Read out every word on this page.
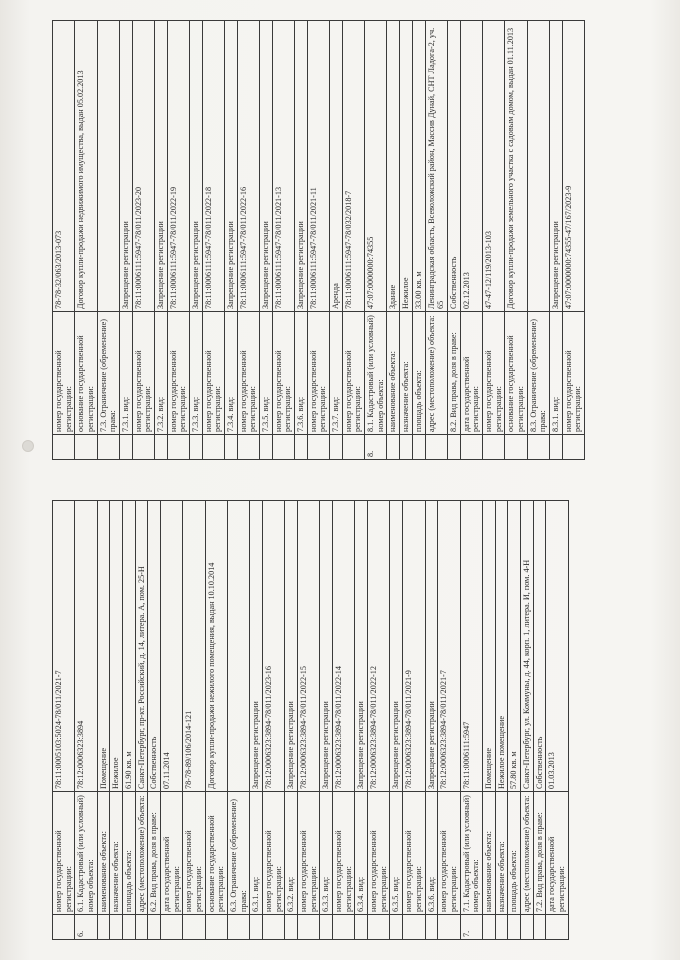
	номер государственной регистрации:	78:11:0005103:5024-78/011/2021-7
6.	6.1. Кадастровый (или условный) номер объекта:	78:12:0006323:3894
	наименование объекта:	Помещение
	назначение объекта:	Нежилое
	площадь объекта:	61.90 кв. м
	адрес (местоположение) объекта:	Санкт-Петербург, пр-кт. Российский, д. 14, литера. А, пом. 25-Н
	6.2. Вид права, доля в праве:	Собственность
	дата государственной регистрации:	07.11.2014
	номер государственной регистрации:	78-78-89/106/2014-121
	основание государственной регистрации:	Договор купли-продажи нежилого помещения, выдан 10.10.2014
	6.3. Ограничение (обременение) права:	
	6.3.1. вид:	Запрещение регистрации
	номер государственной регистрации:	78:12:0006323:3894-78/011/2023-16
	6.3.2. вид:	Запрещение регистрации
	номер государственной регистрации:	78:12:0006323:3894-78/011/2022-15
	6.3.3. вид:	Запрещение регистрации
	номер государственной регистрации:	78:12:0006323:3894-78/011/2022-14
	6.3.4. вид:	Запрещение регистрации
	номер государственной регистрации:	78:12:0006323:3894-78/011/2022-12
	6.3.5. вид:	Запрещение регистрации
	номер государственной регистрации:	78:12:0006323:3894-78/011/2021-9
	6.3.6. вид:	Запрещение регистрации
	номер государственной регистрации:	78:12:0006323:3894-78/011/2021-7
7.	7.1. Кадастровый (или условный) номер объекта:	78:11:0006111:5947
	наименование объекта:	Помещение
	назначение объекта:	Нежилое помещение
	площадь объекта:	57.80 кв. м
	адрес (местоположение) объекта:	Санкт-Петербург, ул. Коммуны, д. 44, корп. 1, литера. И, пом. 4-Н
	7.2. Вид права, доля в праве:	Собственность
	дата государственной регистрации:	01.03.2013
	номер государственной регистрации:	78-78-32/063/2013-073
	основание государственной регистрации:	Договор купли-продажи недвижимого имущества, выдан 05.02.2013
	7.3. Ограничение (обременение) права:	
	7.3.1. вид:	Запрещение регистрации
	номер государственной регистрации:	78:11:0006111:5947-78/011/2023-20
	7.3.2. вид:	Запрещение регистрации
	номер государственной регистрации:	78:11:0006111:5947-78/011/2022-19
	7.3.3. вид:	Запрещение регистрации
	номер государственной регистрации:	78:11:0006111:5947-78/011/2022-18
	7.3.4. вид:	Запрещение регистрации
	номер государственной регистрации:	78:11:0006111:5947-78/011/2022-16
	7.3.5. вид:	Запрещение регистрации
	номер государственной регистрации:	78:11:0006111:5947-78/011/2021-13
	7.3.6. вид:	Запрещение регистрации
	номер государственной регистрации:	78:11:0006111:5947-78/011/2021-11
	7.3.7. вид:	Аренда
	номер государственной регистрации:	78:11:0006111:5947-78/032/2018-7
8.	8.1. Кадастровый (или условный) номер объекта:	47:07:0000000:74355
	наименование объекта:	Здание
	назначение объекта:	Нежилое
	площадь объекта:	33.00 кв. м
	адрес (местоположение) объекта:	Ленинградская область, Всеволожский район, Массив Дунай, СНТ Ладога-2, уч. 65
	8.2. Вид права, доля в праве:	Собственность
	дата государственной регистрации:	02.12.2013
	номер государственной регистрации:	47-47-12/119/2013-103
	основание государственной регистрации:	Договор купли-продажи земельного участка с садовым домом, выдан 01.11.2013
	8.3. Ограничение (обременение) права:	
	8.3.1. вид:	Запрещение регистрации
	номер государственной регистрации:	47:07:0000000:74355-47/167/2023-9
